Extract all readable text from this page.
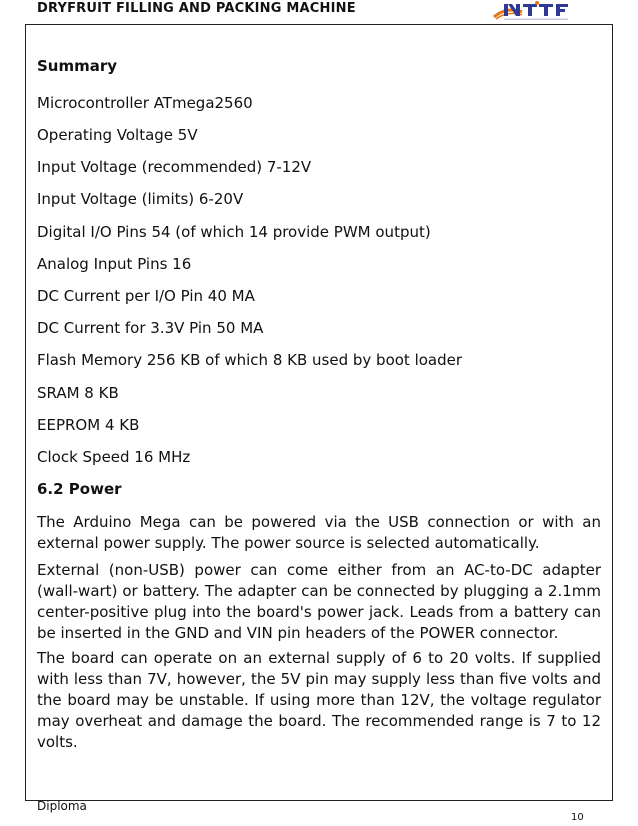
DRYFRUIT FILLING AND PACKING MACHINE
Summary
Microcontroller ATmega2560
Operating Voltage 5V
Input Voltage (recommended) 7-12V
Input Voltage (limits) 6-20V
Digital I/O Pins 54 (of which 14 provide PWM output)
Analog Input Pins 16
DC Current per I/O Pin 40 MA
DC Current for 3.3V Pin 50 MA
Flash Memory 256 KB of which 8 KB used by boot loader
SRAM 8 KB
EEPROM 4 KB
Clock Speed 16 MHz
6.2 Power
The Arduino Mega can be powered via the USB connection or with an external power supply. The power source is selected automatically.
External (non-USB) power can come either from an AC-to-DC adapter (wall-wart) or battery. The adapter can be connected by plugging a 2.1mm center-positive plug into the board's power jack. Leads from a battery can be inserted in the GND and VIN pin headers of the POWER connector.
The board can operate on an external supply of 6 to 20 volts. If supplied with less than 7V, however, the 5V pin may supply less than five volts and the board may be unstable. If using more than 12V, the voltage regulator may overheat and damage the board. The recommended range is 7 to 12 volts.
Diploma
10
